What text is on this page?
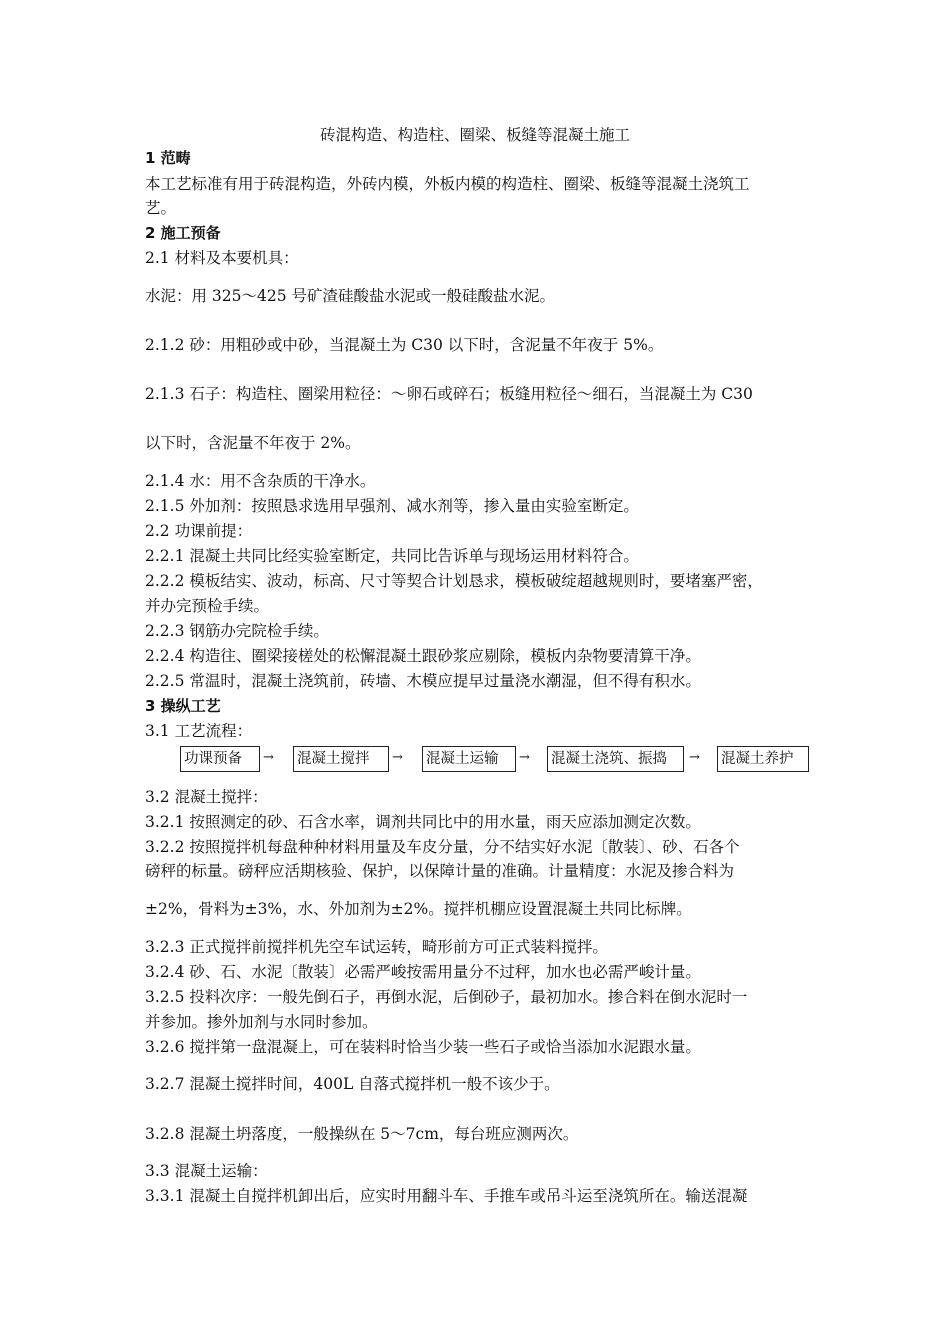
砖混构造、构造柱、圈梁、板缝等混凝土施工
1 范畴
本工艺标准有用于砖混构造，外砖内模，外板内模的构造柱、圈梁、板缝等混凝土浇筑工
艺。
2 施工预备
2.1 材料及本要机具：
水泥：用 325～425 号矿渣硅酸盐水泥或一般硅酸盐水泥。
2.1.2 砂：用粗砂或中砂，当混凝土为 C30 以下时，含泥量不年夜于 5%。
2.1.3 石子：构造柱、圈梁用粒径：～卵石或碎石；板缝用粒径～细石，当混凝土为 C30
以下时，含泥量不年夜于 2%。
2.1.4 水：用不含杂质的干净水。
2.1.5 外加剂：按照恳求选用早强剂、减水剂等，掺入量由实验室断定。
2.2 功课前提：
2.2.1 混凝土共同比经实验室断定，共同比告诉单与现场运用材料符合。
2.2.2 模板结实、波动，标高、尺寸等契合计划恳求，模板破绽超越规则时，要堵塞严密，
并办完预检手续。
2.2.3 钢筋办完院检手续。
2.2.4 构造往、圈梁接槎处的松懈混凝土跟砂浆应剔除，模板内杂物要清算干净。
2.2.5 常温时，混凝土浇筑前，砖墙、木模应提早过量浇水潮湿，但不得有积水。
3 操纵工艺
3.1 工艺流程：
功课预备	→ 混凝土搅拌	→ 混凝土运输	→ 混凝土浇筑、振捣	→ 混凝土养护
3.2 混凝土搅拌：
3.2.1 按照测定的砂、石含水率，调剂共同比中的用水量，雨天应添加测定次数。
3.2.2 按照搅拌机每盘种种材料用量及车皮分量，分不结实好水泥〔散装〕、砂、石各个
磅秤的标量。磅秤应活期核验、保护，以保障计量的准确。计量精度：水泥及掺合料为
±2%，骨料为±3%，水、外加剂为±2%。搅拌机棚应设置混凝土共同比标牌。
3.2.3 正式搅拌前搅拌机先空车试运转，畸形前方可正式装料搅拌。
3.2.4 砂、石、水泥〔散装〕必需严峻按需用量分不过秤，加水也必需严峻计量。
3.2.5 投料次序：一般先倒石子，再倒水泥，后倒砂子，最初加水。掺合料在倒水泥时一
并参加。掺外加剂与水同时参加。
3.2.6 搅拌第一盘混凝上，可在装料时恰当少装一些石子或恰当添加水泥跟水量。
3.2.7 混凝土搅拌时间，400L 自落式搅拌机一般不该少于。
3.2.8 混凝土坍落度，一般操纵在 5～7cm，每台班应测两次。
3.3 混凝土运输：
3.3.1 混凝土自搅拌机卸出后，应实时用翻斗车、手推车或吊斗运至浇筑所在。输送混凝
